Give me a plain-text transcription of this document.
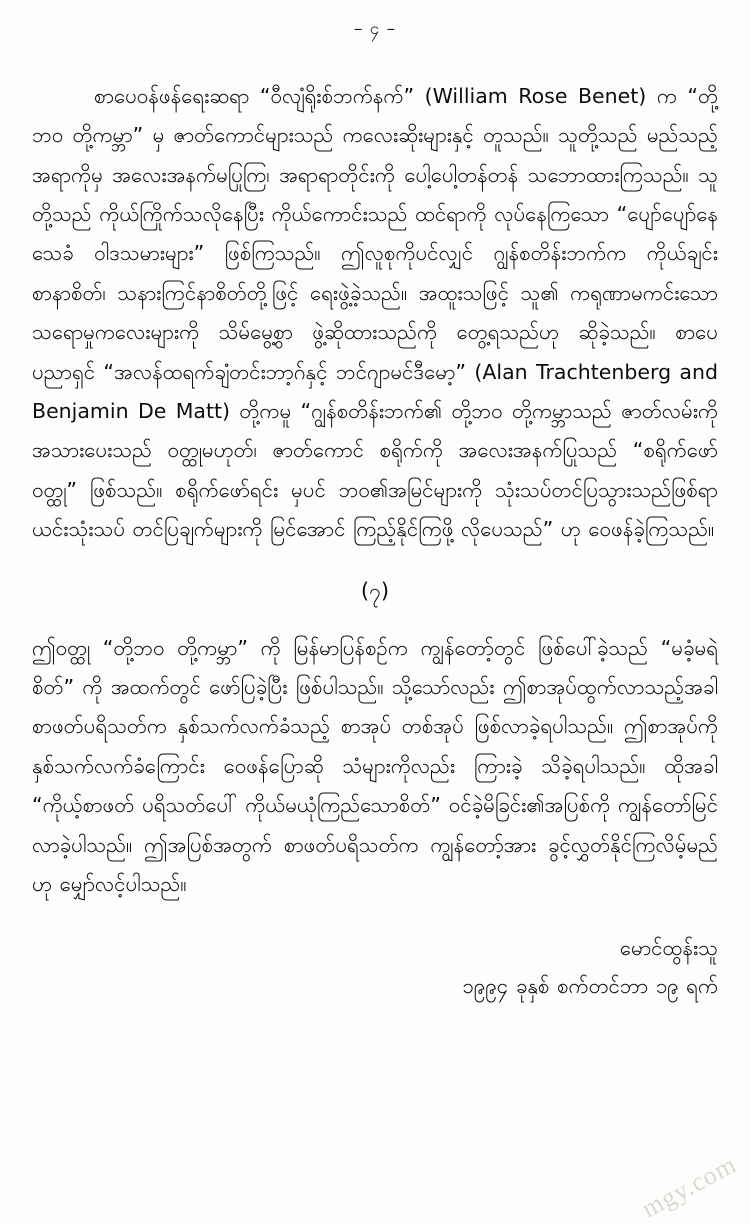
– ၄ –

စာပေဝန်ဖန်ရေးဆရာ “ဝီလျံရိုးစ်ဘက်နက်” (William Rose Benet) က “တို့ဘဝ တို့ကမ္ဘာ” မှ ဇာတ်ကောင်များသည် ကလေးဆိုးများနှင့် တူသည်။ သူတို့သည် မည်သည့်အရာကိုမှ အလေးအနက်မပြုကြ၊ အရာရာတိုင်းကို ပေါ့ပေါ့တန်တန် သဘောထားကြသည်။ သူတို့သည် ကိုယ်ကြိုက်သလိုနေပြီး ကိုယ်ကောင်းသည် ထင်ရာကို လုပ်နေကြသော “ပျော်ပျော်နေသေခံ ဝါဒသမားများ” ဖြစ်ကြသည်။ ဤလူစုကိုပင်လျှင် ဂျွန်စတိန်းဘက်က ကိုယ်ချင်းစာနာစိတ်၊ သနားကြင်နာစိတ်တို့ဖြင့် ရေးဖွဲ့ခဲ့သည်။ အထူးသဖြင့် သူ၏ ကရုဏာမကင်းသော သရောမှုကလေးများကို သိမ်မွေ့စွာ ဖွဲ့ဆိုထားသည်ကို တွေ့ရသည်ဟု ဆိုခဲ့သည်။ စာပေပညာရှင် “အလန်ထရက်ချံတင်းဘာ့ဂ်နှင့် ဘင်ဂျာမင်ဒီမော့” (Alan Trachtenberg and Benjamin De Matt) တို့ကမူ “ဂျွန်စတိန်းဘက်၏ တို့ဘဝ တို့ကမ္ဘာသည် ဇာတ်လမ်းကို အသားပေးသည် ဝတ္ထုမဟုတ်၊ ဇာတ်ကောင် စရိုက်ကို အလေးအနက်ပြုသည် “စရိုက်ဖော်ဝတ္ထု” ဖြစ်သည်။ စရိုက်ဖော်ရင်း မှပင် ဘဝ၏အမြင်များကို သုံးသပ်တင်ပြသွားသည်ဖြစ်ရာ ယင်းသုံးသပ် တင်ပြချက်များကို မြင်အောင် ကြည့်နိုင်ကြဖို့ လိုပေသည်” ဟု ဝေဖန်ခဲ့ကြသည်။

(၇)

ဤဝတ္ထု “တို့ဘဝ တို့ကမ္ဘာ” ကို မြန်မာပြန်စဉ်က ကျွန်တော့်တွင် ဖြစ်ပေါ်ခဲ့သည် “မခံ့မရဲစိတ်” ကို အထက်တွင် ဖော်ပြခဲ့ပြီး ဖြစ်ပါသည်။ သို့သော်လည်း ဤစာအုပ်ထွက်လာသည့်အခါ စာဖတ်ပရိသတ်က နှစ်သက်လက်ခံသည့် စာအုပ် တစ်အုပ် ဖြစ်လာခဲ့ရပါသည်။ ဤစာအုပ်ကို နှစ်သက်လက်ခံကြောင်း ဝေဖန်ပြောဆို သံများကိုလည်း ကြားခဲ့ သိခဲ့ရပါသည်။ ထိုအခါ “ကိုယ့်စာဖတ် ပရိသတ်ပေါ် ကိုယ်မယုံကြည်သောစိတ်” ဝင်ခဲ့မိခြင်း၏အပြစ်ကို ကျွန်တော်မြင်လာခဲ့ပါသည်။ ဤအပြစ်အတွက် စာဖတ်ပရိသတ်က ကျွန်တော့်အား ခွင့်လွှတ်နိုင်ကြလိမ့်မည် ဟု မျှော်လင့်ပါသည်။

မောင်ထွန်းသူ
၁၉၉၄ ခုနှစ် စက်တင်ဘာ ၁၉ ရက်
mgy.com
